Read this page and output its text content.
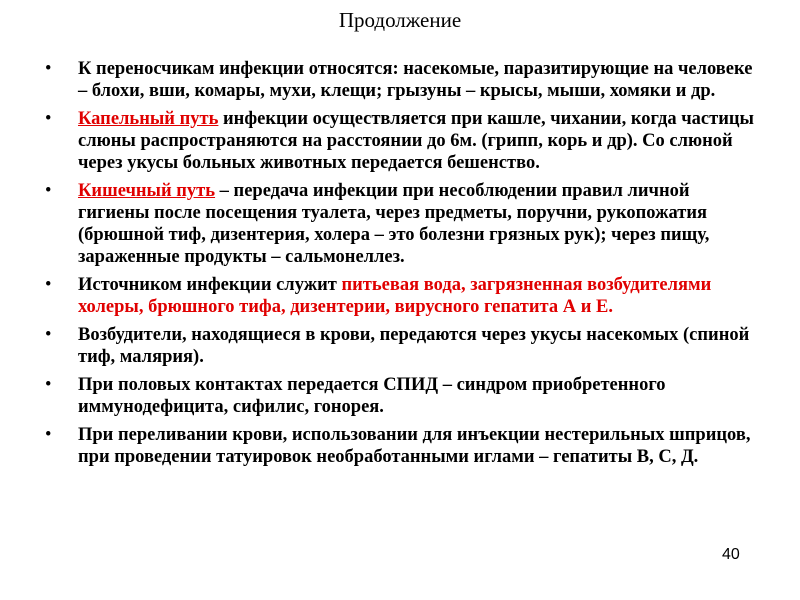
Продолжение
• К переносчикам инфекции относятся: насекомые, паразитирующие на человеке – блохи, вши, комары, мухи, клещи; грызуны – крысы, мыши, хомяки и др.
• Капельный путь инфекции осуществляется при кашле, чихании, когда частицы слюны распространяются на расстоянии до 6м. (грипп, корь и др). Со слюной через укусы больных животных передается бешенство.
• Кишечный путь – передача инфекции при несоблюдении правил личной гигиены после посещения туалета, через предметы, поручни, рукопожатия (брюшной тиф, дизентерия, холера – это болезни грязных рук); через пищу, зараженные продукты – сальмонеллез.
• Источником инфекции служит питьевая вода, загрязненная возбудителями холеры, брюшного тифа, дизентерии, вирусного гепатита А и Е.
• Возбудители, находящиеся в крови, передаются через укусы насекомых (спиной тиф, малярия).
• При половых контактах передается СПИД – синдром приобретенного иммунодефицита, сифилис, гонорея.
• При переливании крови, использовании для инъекции нестерильных шприцов, при проведении татуировок необработанными иглами – гепатиты В, С, Д.
40
